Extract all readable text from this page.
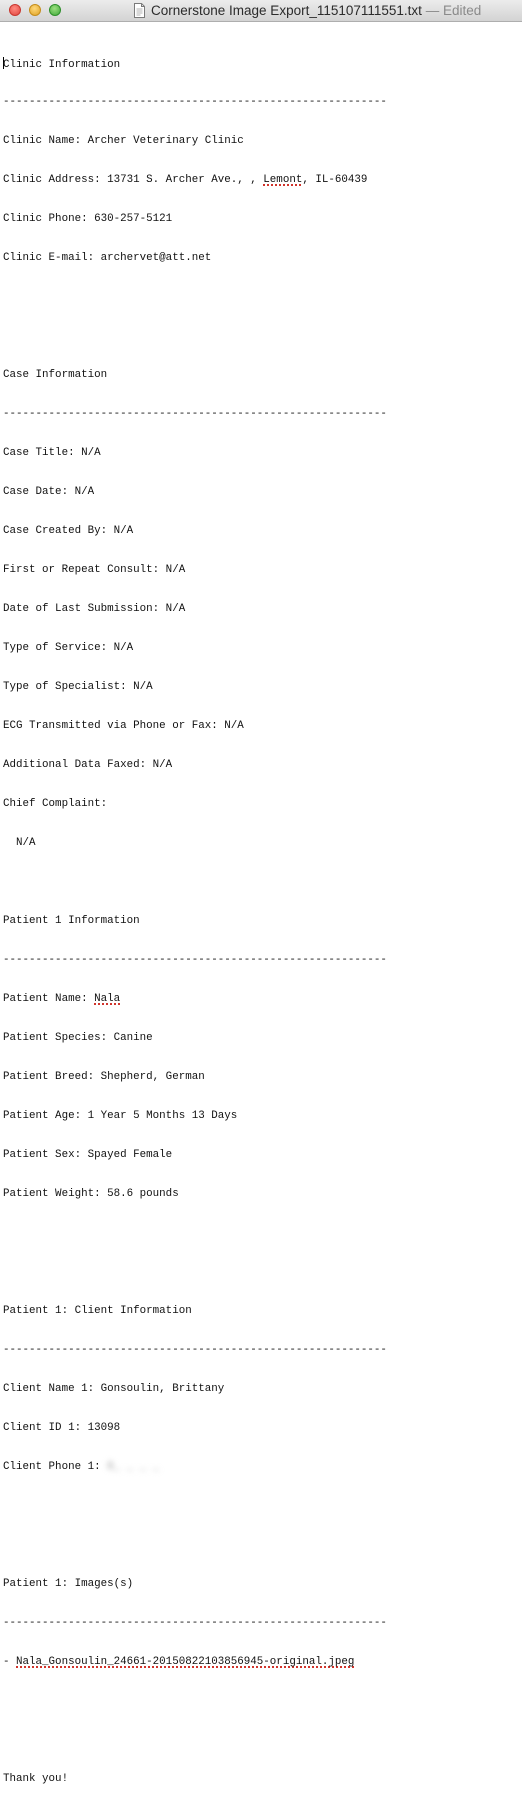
Cornerstone Image Export_115107111551.txt — Edited

Clinic Information

-----------------------------------------------------------

Clinic Name: Archer Veterinary Clinic

Clinic Address: 13731 S. Archer Ave., , Lemont, IL-60439

Clinic Phone: 630-257-5121

Clinic E-mail: archervet@att.net

Case Information

-----------------------------------------------------------

Case Title: N/A

Case Date: N/A

Case Created By: N/A

First or Repeat Consult: N/A

Date of Last Submission: N/A

Type of Service: N/A

Type of Specialist: N/A

ECG Transmitted via Phone or Fax: N/A

Additional Data Faxed: N/A

Chief Complaint:

N/A

Patient 1 Information

-----------------------------------------------------------

Patient Name: Nala

Patient Species: Canine

Patient Breed: Shepherd, German

Patient Age: 1 Year 5 Months 13 Days

Patient Sex: Spayed Female

Patient Weight: 58.6 pounds

Patient 1: Client Information

-----------------------------------------------------------

Client Name 1: Gonsoulin, Brittany

Client ID 1: 13098

Client Phone 1: 8_ _ _ _

Patient 1: Images(s)

-----------------------------------------------------------

- Nala_Gonsoulin_24661-20150822103856945-original.jpeg

Thank you!
